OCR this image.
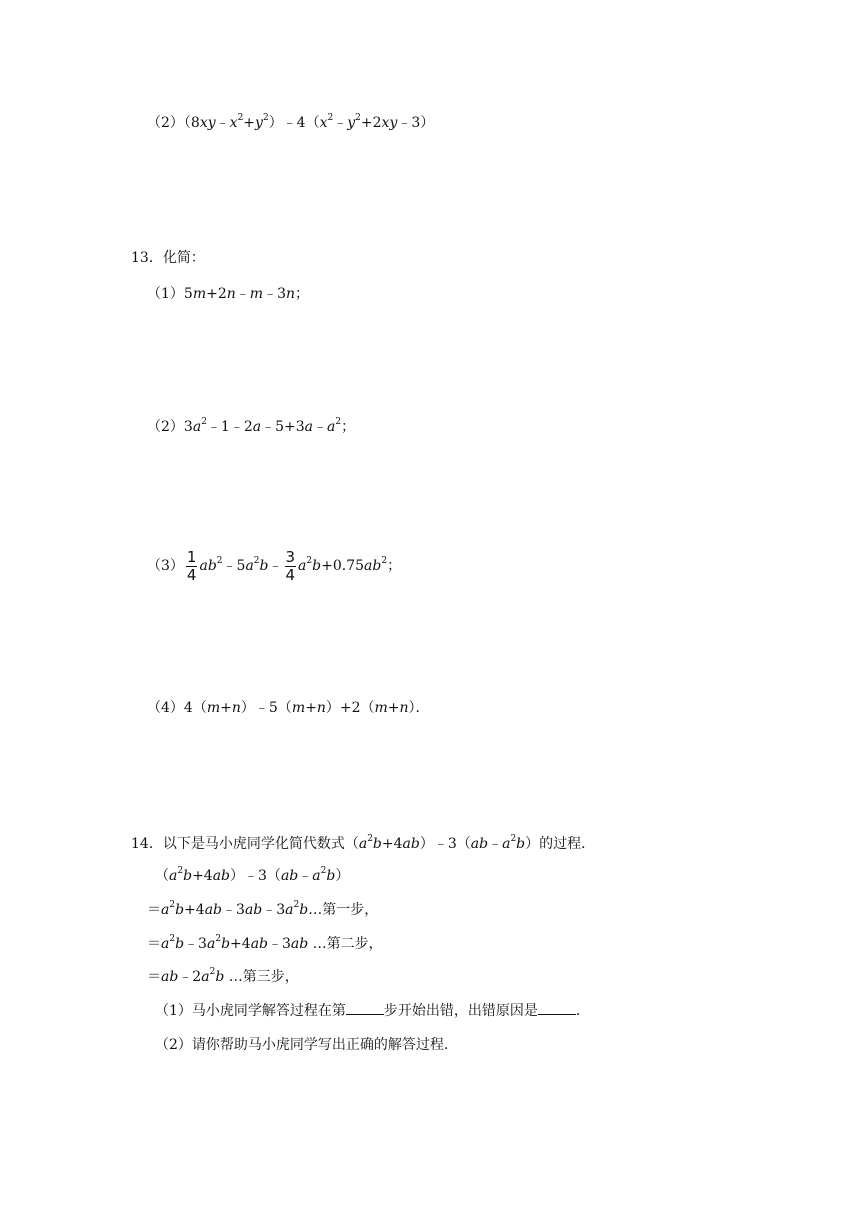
$(2)(8xy﹣x^2+y^2)﹣4(x^2﹣y^2+2xy﹣3)$
13．化简：
（1）5m+2n﹣m﹣3n；
$(2)3a^2﹣1﹣2a﹣5+3a﹣a^2$；
$(3) \frac{1}{4}$ $ab^2﹣5a^2b﹣ \frac{3}{4} a^2b+0.75ab^2$；
（4）4（m+n）﹣5（m+n）+2（m+n）．
14．以下是马小虎同学化简代数式$(a^2b+4ab)﹣3(ab﹣a^2b)$的过程．
$(a^2b+4ab)﹣3(ab﹣a^2b)$
$=a^2b+4ab﹣3ab﹣3a^2b\dots$第一步，
$=a^2b﹣3a^2b+4ab﹣3ab$ …第二步，
$=ab﹣2a^2b$ …第三步，
（1）马小虎同学解答过程在第	步开始出错，出错原因是	．
（2）请你帮助马小虎同学写出正确的解答过程．
